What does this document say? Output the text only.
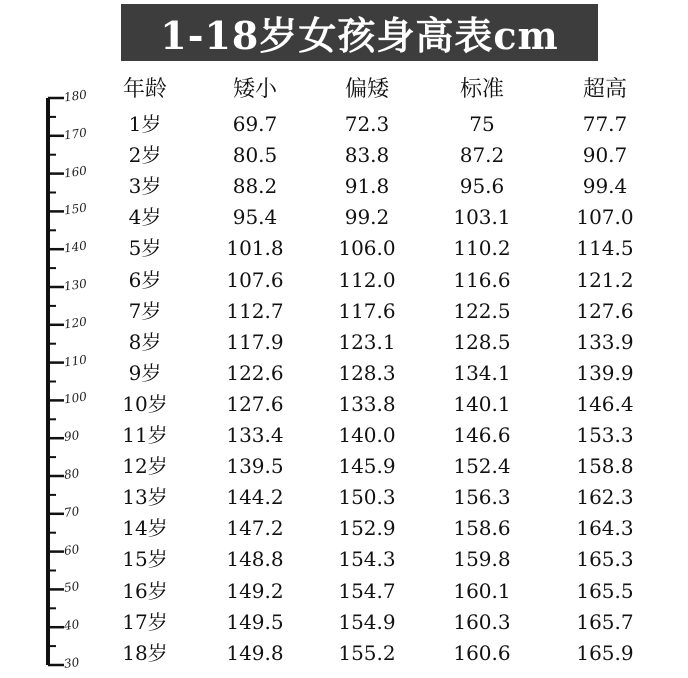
1-18岁女孩身高表cm
180
170
160
150
140
130
120
110
100
90
80
70
60
50
40
30
年龄	矮小	偏矮	标准	超高
1岁	69.7	72.3	75	77.7
2岁	80.5	83.8	87.2	90.7
3岁	88.2	91.8	95.6	99.4
4岁	95.4	99.2	103.1	107.0
5岁	101.8	106.0	110.2	114.5
6岁	107.6	112.0	116.6	121.2
7岁	112.7	117.6	122.5	127.6
8岁	117.9	123.1	128.5	133.9
9岁	122.6	128.3	134.1	139.9
10岁	127.6	133.8	140.1	146.4
11岁	133.4	140.0	146.6	153.3
12岁	139.5	145.9	152.4	158.8
13岁	144.2	150.3	156.3	162.3
14岁	147.2	152.9	158.6	164.3
15岁	148.8	154.3	159.8	165.3
16岁	149.2	154.7	160.1	165.5
17岁	149.5	154.9	160.3	165.7
18岁	149.8	155.2	160.6	165.9
